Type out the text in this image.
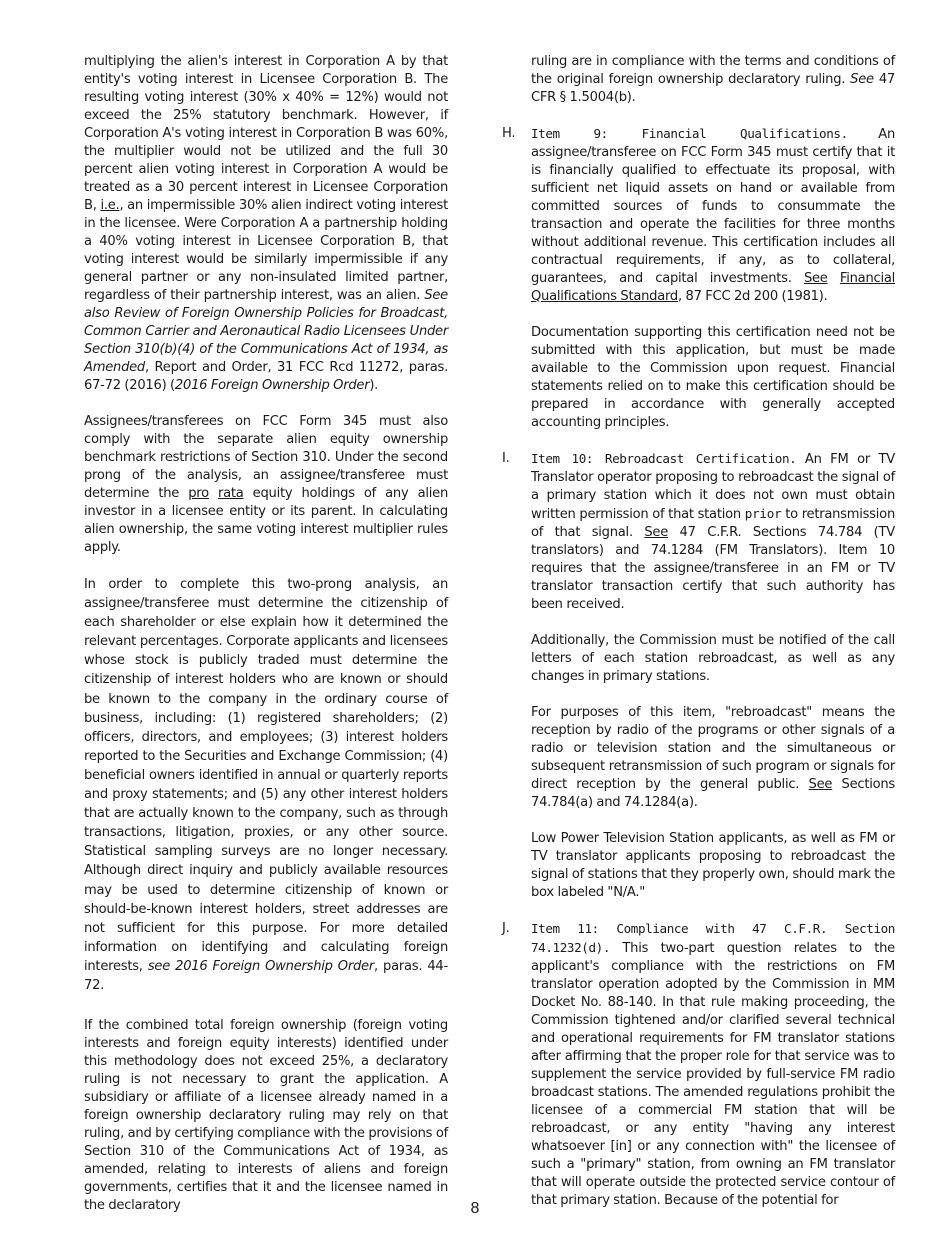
multiplying the alien's interest in Corporation A by that entity's voting interest in Licensee Corporation B. The resulting voting interest (30% x 40% = 12%) would not exceed the 25% statutory benchmark. However, if Corporation A's voting interest in Corporation B was 60%, the multiplier would not be utilized and the full 30 percent alien voting interest in Corporation A would be treated as a 30 percent interest in Licensee Corporation B, i.e., an impermissible 30% alien indirect voting interest in the licensee. Were Corporation A a partnership holding a 40% voting interest in Licensee Corporation B, that voting interest would be similarly impermissible if any general partner or any non-insulated limited partner, regardless of their partnership interest, was an alien. See also Review of Foreign Ownership Policies for Broadcast, Common Carrier and Aeronautical Radio Licensees Under Section 310(b)(4) of the Communications Act of 1934, as Amended, Report and Order, 31 FCC Rcd 11272, paras. 67-72 (2016) (2016 Foreign Ownership Order).

Assignees/transferees on FCC Form 345 must also comply with the separate alien equity ownership benchmark restrictions of Section 310. Under the second prong of the analysis, an assignee/transferee must determine the pro rata equity holdings of any alien investor in a licensee entity or its parent. In calculating alien ownership, the same voting interest multiplier rules apply.

In order to complete this two-prong analysis, an assignee/transferee must determine the citizenship of each shareholder or else explain how it determined the relevant percentages. Corporate applicants and licensees whose stock is publicly traded must determine the citizenship of interest holders who are known or should be known to the company in the ordinary course of business, including: (1) registered shareholders; (2) officers, directors, and employees; (3) interest holders reported to the Securities and Exchange Commission; (4) beneficial owners identified in annual or quarterly reports and proxy statements; and (5) any other interest holders that are actually known to the company, such as through transactions, litigation, proxies, or any other source. Statistical sampling surveys are no longer necessary. Although direct inquiry and publicly available resources may be used to determine citizenship of known or should-be-known interest holders, street addresses are not sufficient for this purpose. For more detailed information on identifying and calculating foreign interests, see 2016 Foreign Ownership Order, paras. 44-72.

If the combined total foreign ownership (foreign voting interests and foreign equity interests) identified under this methodology does not exceed 25%, a declaratory ruling is not necessary to grant the application. A subsidiary or affiliate of a licensee already named in a foreign ownership declaratory ruling may rely on that ruling, and by certifying compliance with the provisions of Section 310 of the Communications Act of 1934, as amended, relating to interests of aliens and foreign governments, certifies that it and the licensee named in the declaratory

ruling are in compliance with the terms and conditions of the original foreign ownership declaratory ruling. See 47 CFR § 1.5004(b).

H. Item 9: Financial Qualifications. An assignee/transferee on FCC Form 345 must certify that it is financially qualified to effectuate its proposal, with sufficient net liquid assets on hand or available from committed sources of funds to consummate the transaction and operate the facilities for three months without additional revenue. This certification includes all contractual requirements, if any, as to collateral, guarantees, and capital investments. See Financial Qualifications Standard, 87 FCC 2d 200 (1981).

Documentation supporting this certification need not be submitted with this application, but must be made available to the Commission upon request. Financial statements relied on to make this certification should be prepared in accordance with generally accepted accounting principles.

I. Item 10: Rebroadcast Certification. An FM or TV Translator operator proposing to rebroadcast the signal of a primary station which it does not own must obtain written permission of that station prior to retransmission of that signal. See 47 C.F.R. Sections 74.784 (TV translators) and 74.1284 (FM Translators). Item 10 requires that the assignee/transferee in an FM or TV translator transaction certify that such authority has been received.

Additionally, the Commission must be notified of the call letters of each station rebroadcast, as well as any changes in primary stations.

For purposes of this item, "rebroadcast" means the reception by radio of the programs or other signals of a radio or television station and the simultaneous or subsequent retransmission of such program or signals for direct reception by the general public. See Sections 74.784(a) and 74.1284(a).

Low Power Television Station applicants, as well as FM or TV translator applicants proposing to rebroadcast the signal of stations that they properly own, should mark the box labeled "N/A."

J. Item 11: Compliance with 47 C.F.R. Section 74.1232(d). This two-part question relates to the applicant's compliance with the restrictions on FM translator operation adopted by the Commission in MM Docket No. 88-140. In that rule making proceeding, the Commission tightened and/or clarified several technical and operational requirements for FM translator stations after affirming that the proper role for that service was to supplement the service provided by full-service FM radio broadcast stations. The amended regulations prohibit the licensee of a commercial FM station that will be rebroadcast, or any entity "having any interest whatsoever [in] or any connection with" the licensee of such a "primary" station, from owning an FM translator that will operate outside the protected service contour of that primary station. Because of the potential for
8
